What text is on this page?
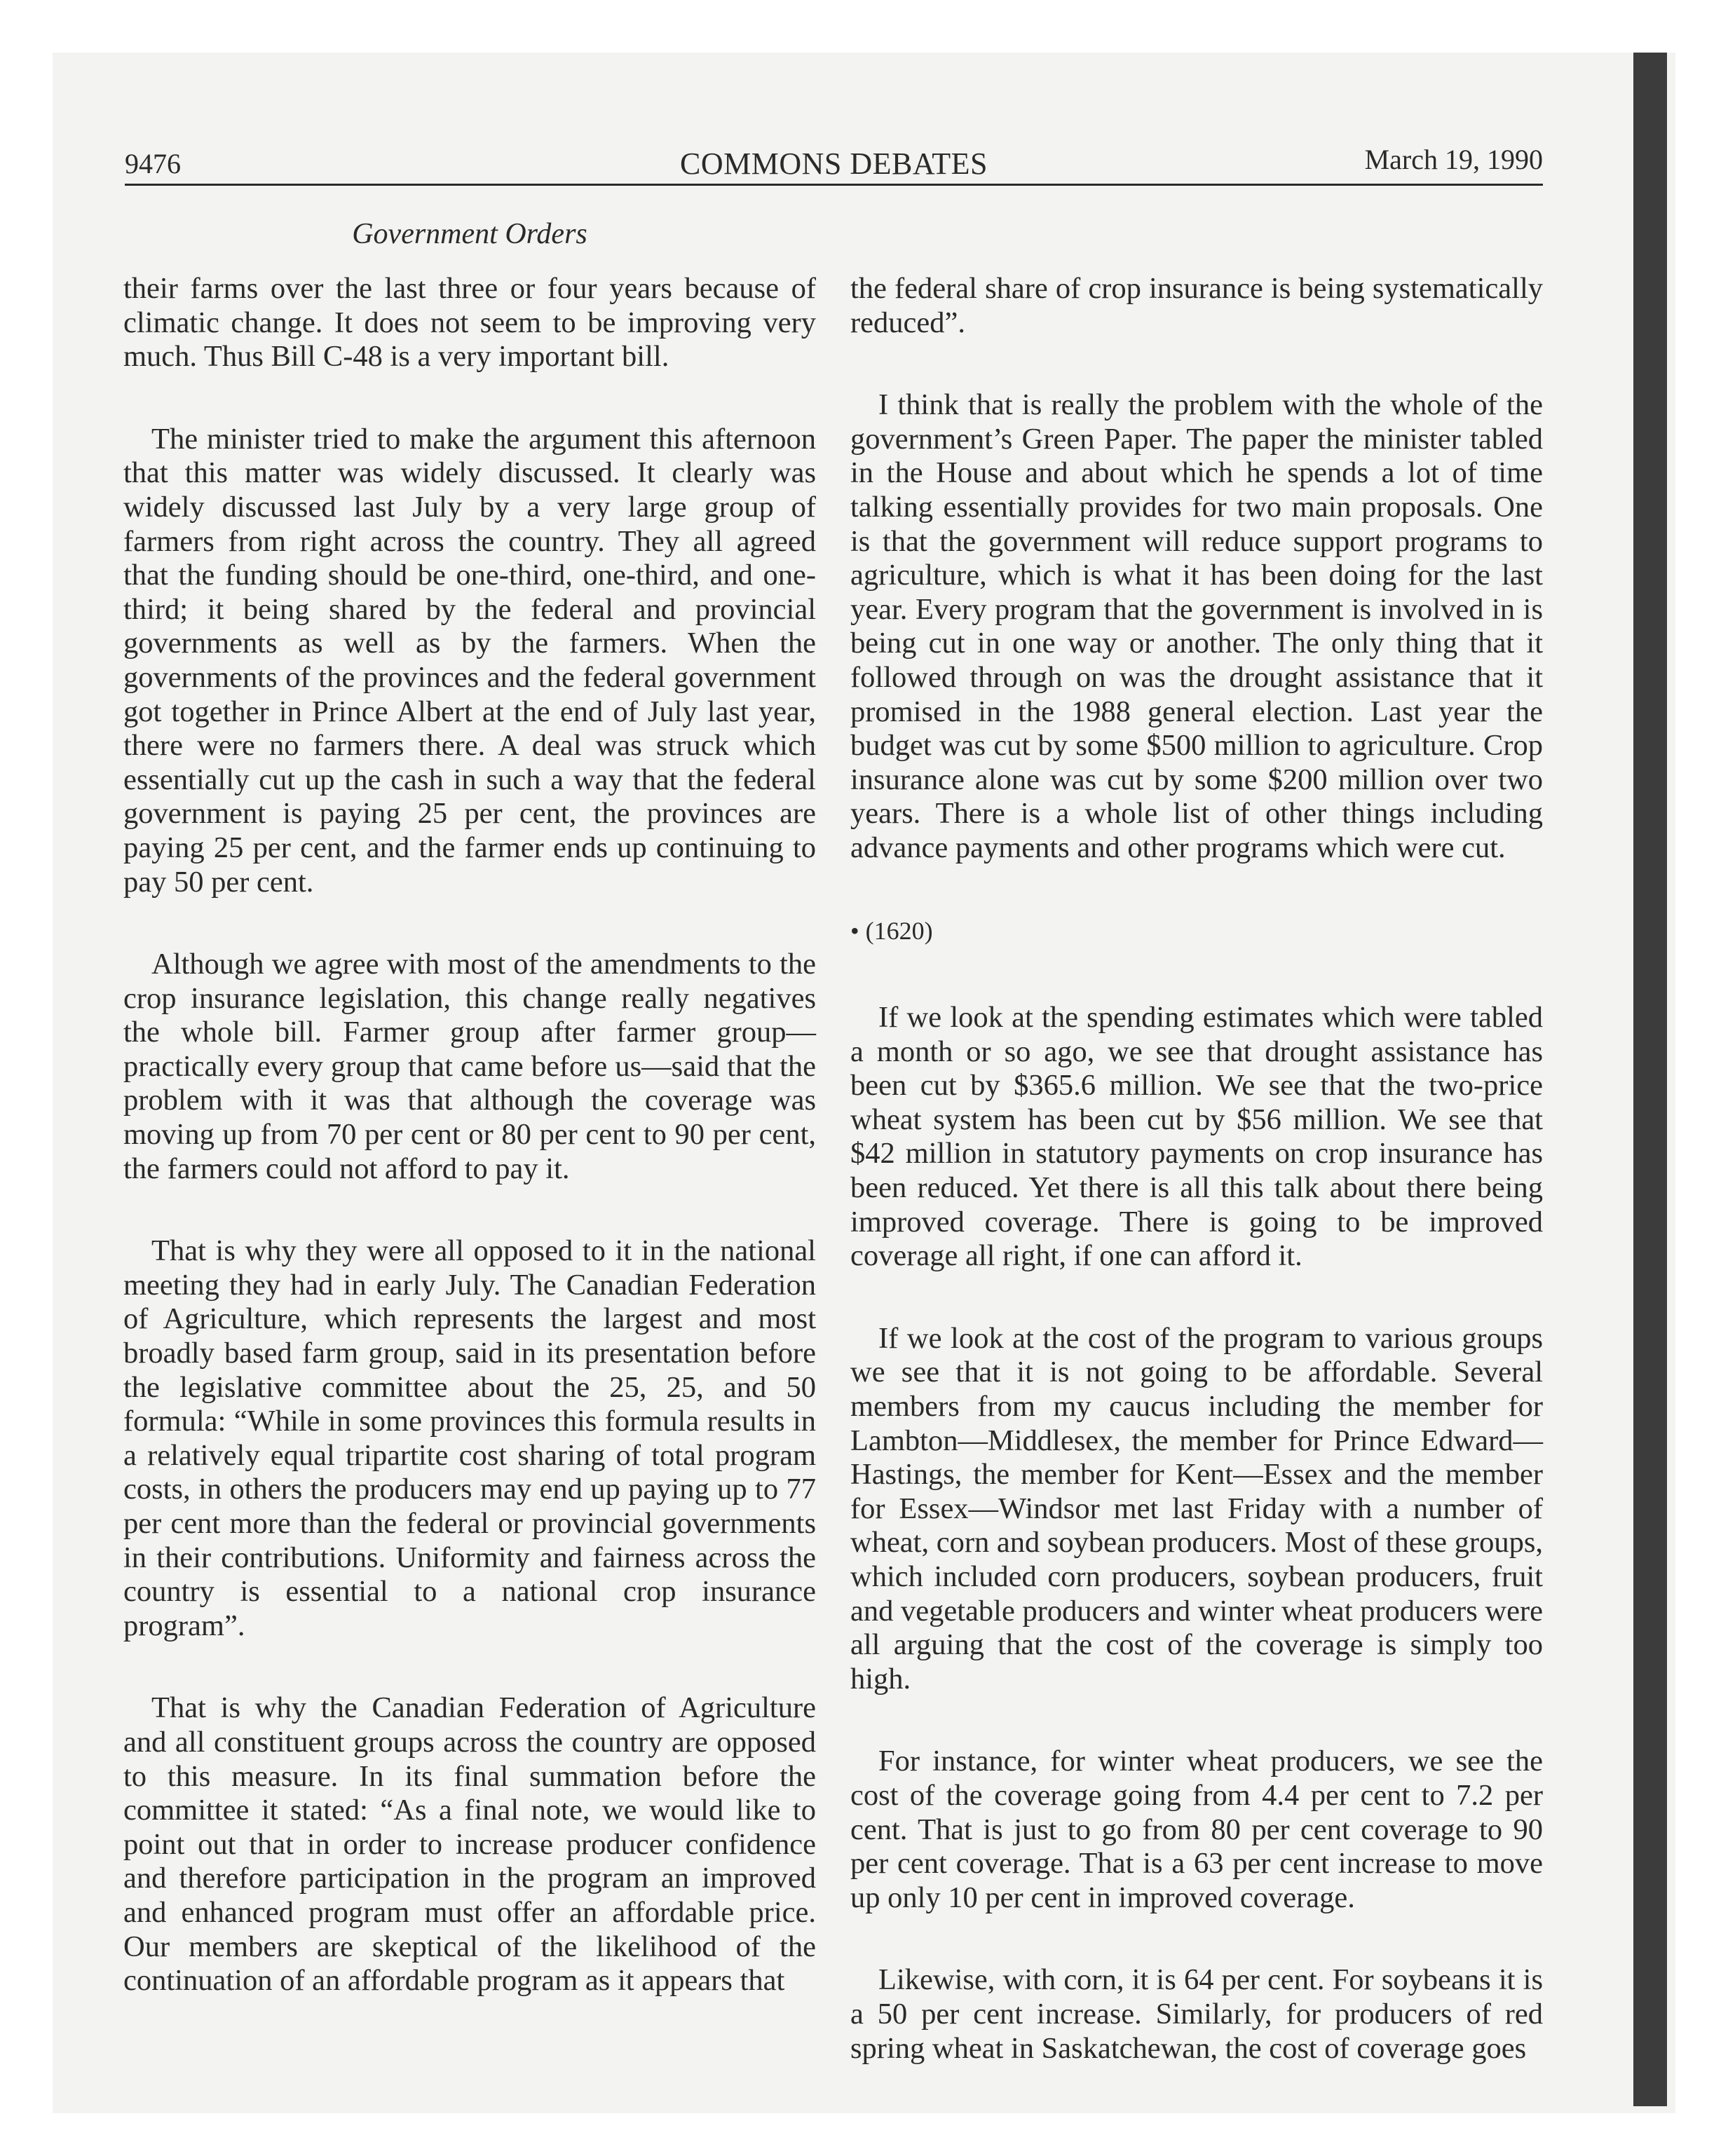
9476	COMMONS DEBATES	March 19, 1990
Government Orders

their farms over the last three or four years because of climatic change. It does not seem to be improving very much. Thus Bill C-48 is a very important bill.

The minister tried to make the argument this afternoon that this matter was widely discussed. It clearly was widely discussed last July by a very large group of farmers from right across the country. They all agreed that the funding should be one-third, one-third, and one-third; it being shared by the federal and provincial governments as well as by the farmers. When the governments of the provinces and the federal government got together in Prince Albert at the end of July last year, there were no farmers there. A deal was struck which essentially cut up the cash in such a way that the federal government is paying 25 per cent, the provinces are paying 25 per cent, and the farmer ends up continuing to pay 50 per cent.

Although we agree with most of the amendments to the crop insurance legislation, this change really negatives the whole bill. Farmer group after farmer group—practically every group that came before us—said that the problem with it was that although the coverage was moving up from 70 per cent or 80 per cent to 90 per cent, the farmers could not afford to pay it.

That is why they were all opposed to it in the national meeting they had in early July. The Canadian Federation of Agriculture, which represents the largest and most broadly based farm group, said in its presentation before the legislative committee about the 25, 25, and 50 formula: “While in some provinces this formula results in a relatively equal tripartite cost sharing of total program costs, in others the producers may end up paying up to 77 per cent more than the federal or provincial governments in their contributions. Uniformity and fairness across the country is essential to a national crop insurance program”.

That is why the Canadian Federation of Agriculture and all constituent groups across the country are opposed to this measure. In its final summation before the committee it stated: “As a final note, we would like to point out that in order to increase producer confidence and therefore participation in the program an improved and enhanced program must offer an affordable price. Our members are skeptical of the likelihood of the continuation of an affordable program as it appears that

the federal share of crop insurance is being systematically reduced”.

I think that is really the problem with the whole of the government’s Green Paper. The paper the minister tabled in the House and about which he spends a lot of time talking essentially provides for two main proposals. One is that the government will reduce support programs to agriculture, which is what it has been doing for the last year. Every program that the government is involved in is being cut in one way or another. The only thing that it followed through on was the drought assistance that it promised in the 1988 general election. Last year the budget was cut by some $500 million to agriculture. Crop insurance alone was cut by some $200 million over two years. There is a whole list of other things including advance payments and other programs which were cut.

• (1620)

If we look at the spending estimates which were tabled a month or so ago, we see that drought assistance has been cut by $365.6 million. We see that the two-price wheat system has been cut by $56 million. We see that $42 million in statutory payments on crop insurance has been reduced. Yet there is all this talk about there being improved coverage. There is going to be improved coverage all right, if one can afford it.

If we look at the cost of the program to various groups we see that it is not going to be affordable. Several members from my caucus including the member for Lambton—Middlesex, the member for Prince Edward—Hastings, the member for Kent—Essex and the member for Essex—Windsor met last Friday with a number of wheat, corn and soybean producers. Most of these groups, which included corn producers, soybean producers, fruit and vegetable producers and winter wheat producers were all arguing that the cost of the coverage is simply too high.

For instance, for winter wheat producers, we see the cost of the coverage going from 4.4 per cent to 7.2 per cent. That is just to go from 80 per cent coverage to 90 per cent coverage. That is a 63 per cent increase to move up only 10 per cent in improved coverage.

Likewise, with corn, it is 64 per cent. For soybeans it is a 50 per cent increase. Similarly, for producers of red spring wheat in Saskatchewan, the cost of coverage goes
